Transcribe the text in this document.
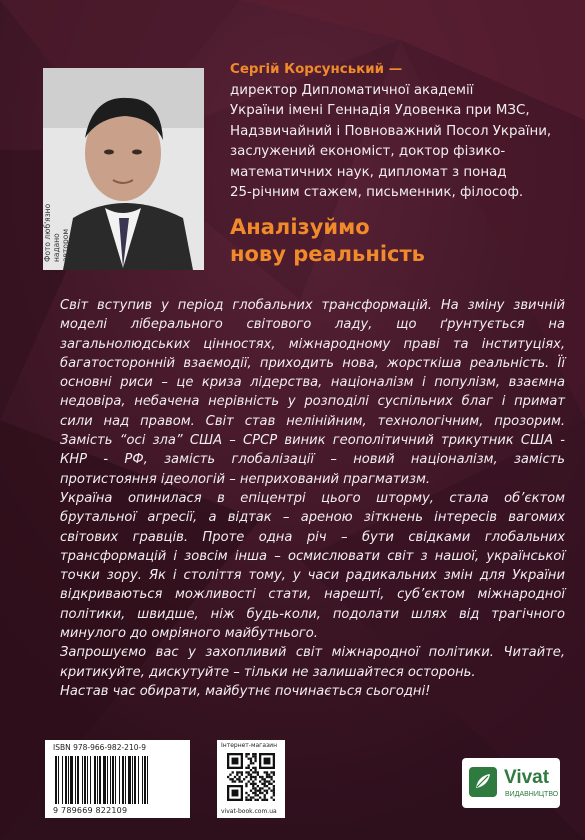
Фото люб'язно надано автором
Сергій Корсунський —
директор Дипломатичної академії
України імені Геннадія Удовенка при МЗС,
Надзвичайний і Повноважний Посол України,
заслужений економіст, доктор фізико-
математичних наук, дипломат з понад
25-річним стажем, письменник, філософ.
Аналізуймо
нову реальність

Світ вступив у період глобальних трансформацій. На зміну звичній моделі ліберального світового ладу, що ґрунтується на загальнолюдських цінностях, міжнародному праві та інституціях, багатосторонній взаємодії, приходить нова, жорсткіша реальність. Її основні риси – це криза лідерства, націоналізм і популізм, взаємна недовіра, небачена нерівність у розподілі суспільних благ і примат сили над правом. Світ став нелінійним, технологічним, прозорим. Замість “осі зла” США – СРСР виник геополітичний трикутник США - КНР - РФ, замість глобалізації – новий націоналізм, замість протистояння ідеологій – неприхований прагматизм.

Україна опинилася в епіцентрі цього шторму, стала об’єктом брутальної агресії, а відтак – ареною зіткнень інтересів вагомих світових гравців. Проте одна річ – бути свідками глобальних трансформацій і зовсім інша – осмислювати світ з нашої, української точки зору. Як і століття тому, у часи радикальних змін для України відкриваються можливості стати, нарешті, суб’єктом міжнародної політики, швидше, ніж будь-коли, подолати шлях від трагічного минулого до омріяного майбутнього.

Запрошуємо вас у захопливий світ міжнародної політики. Читайте, критикуйте, дискутуйте – тільки не залишайтеся осторонь.

Настав час обирати, майбутнє починається сьогодні!

ISBN 978-966-982-210-9
9 789669 822109
Інтернет-магазин
vivat-book.com.ua
Vivat
ВИДАВНИЦТВО
